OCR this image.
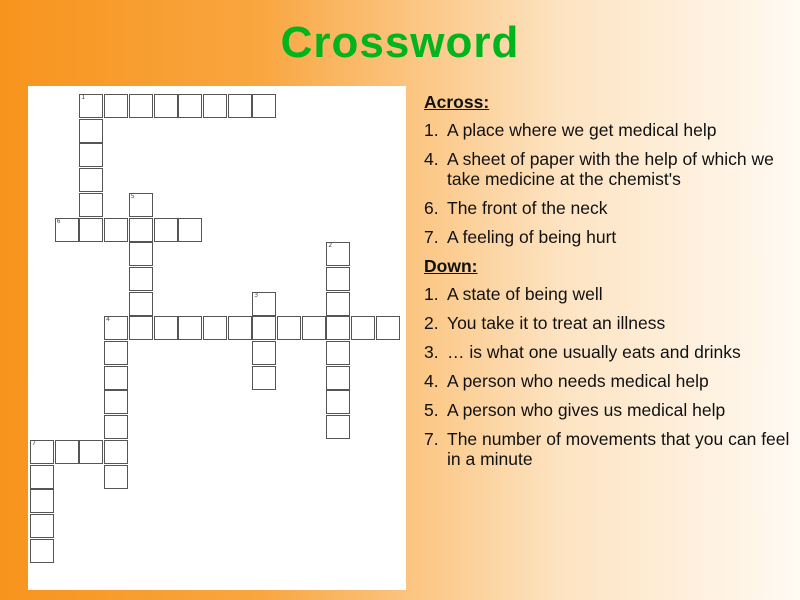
Crossword
1
6
5
2
3
4
7
Across:
1. A place where we get medical help
4. A sheet of paper with the help of which we take medicine at the chemist's
6. The front of the neck
7. A feeling of being hurt
Down:
1. A state of being well
2. You take it to treat an illness
3. … is what one usually eats and drinks
4. A person who needs medical help
5. A person who gives us medical help
7. The number of movements that you can feel in a minute
